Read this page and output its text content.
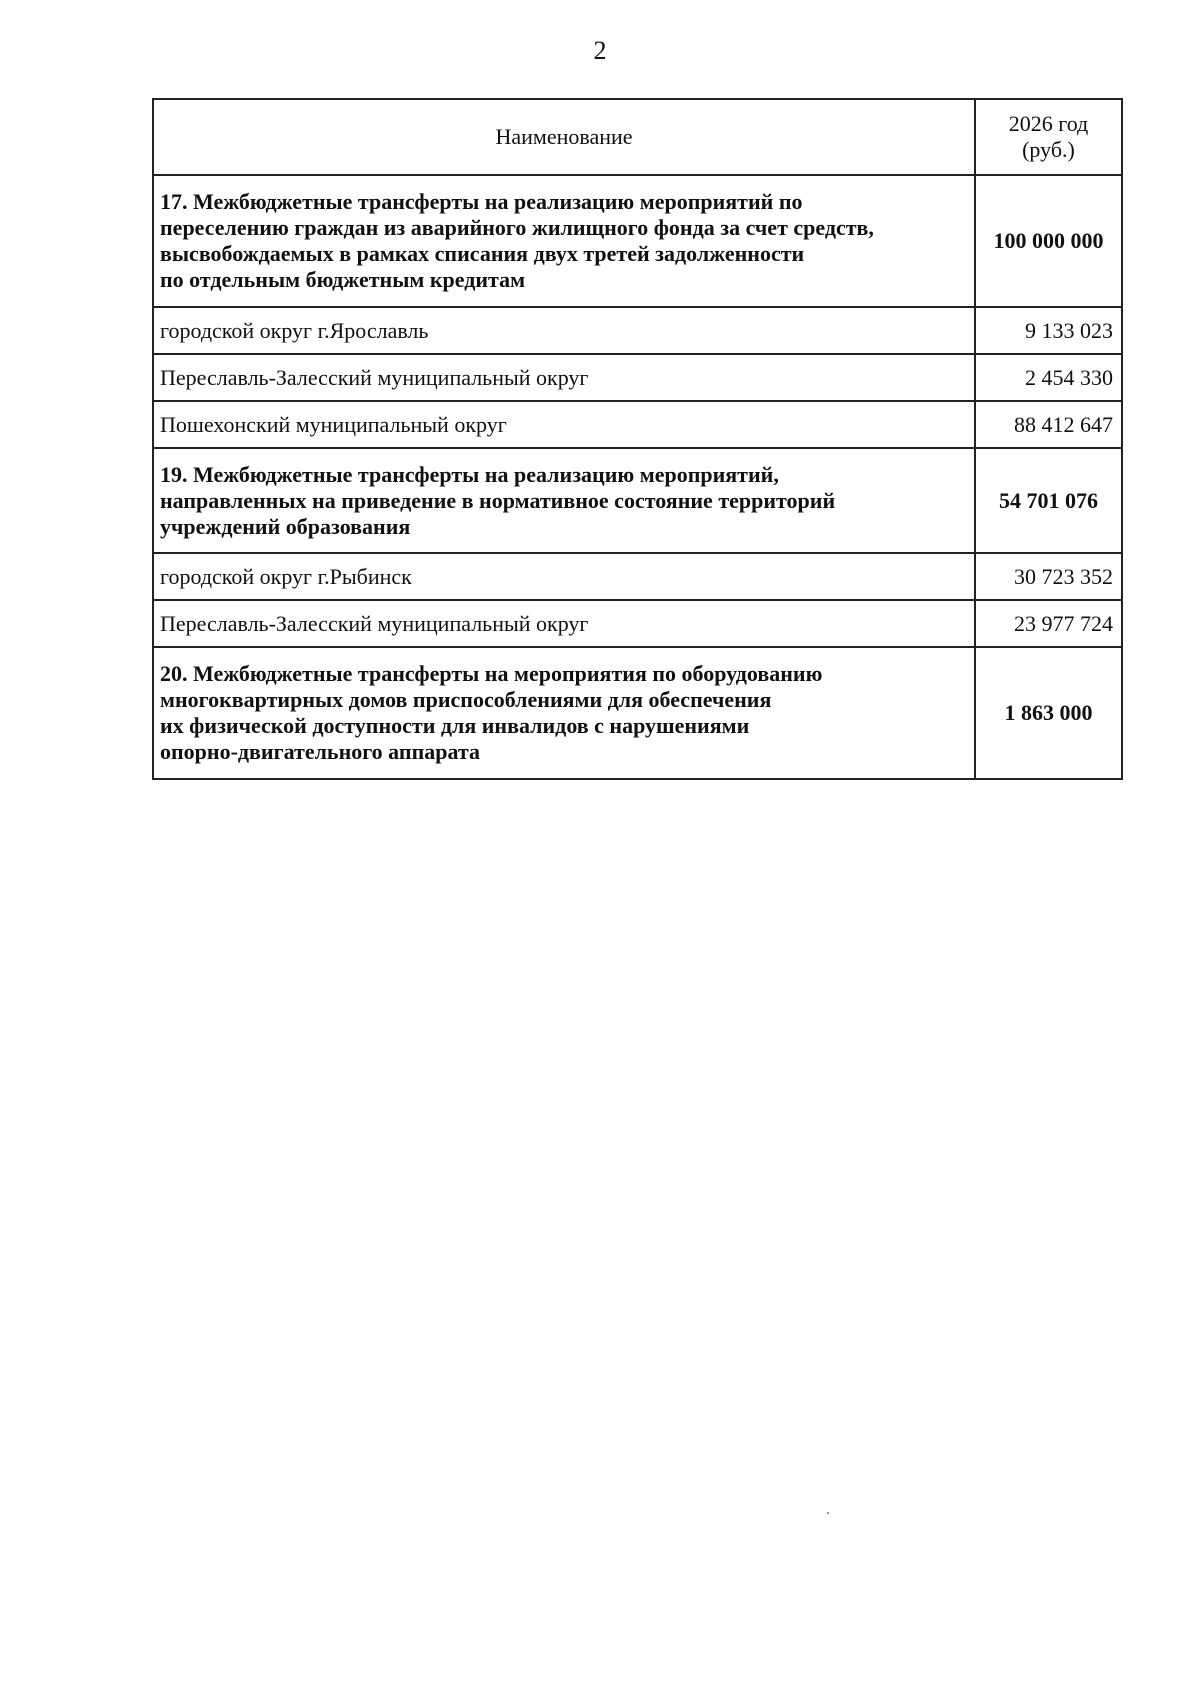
2
Наименование	2026 год
(руб.)

17. Межбюджетные трансферты на реализацию мероприятий по
переселению граждан из аварийного жилищного фонда за счет средств,
высвобождаемых в рамках списания двух третей задолженности
по отдельным бюджетным кредитам	100 000 000
городской округ г.Ярославль	9 133 023
Переславль-Залесский муниципальный округ	2 454 330
Пошехонский муниципальный округ	88 412 647

19. Межбюджетные трансферты на реализацию мероприятий,
направленных на приведение в нормативное состояние территорий
учреждений образования	54 701 076
городской округ г.Рыбинск	30 723 352
Переславль-Залесский муниципальный округ	23 977 724

20. Межбюджетные трансферты на мероприятия по оборудованию
многоквартирных домов приспособлениями для обеспечения
их физической доступности для инвалидов с нарушениями
опорно-двигательного аппарата	1 863 000
